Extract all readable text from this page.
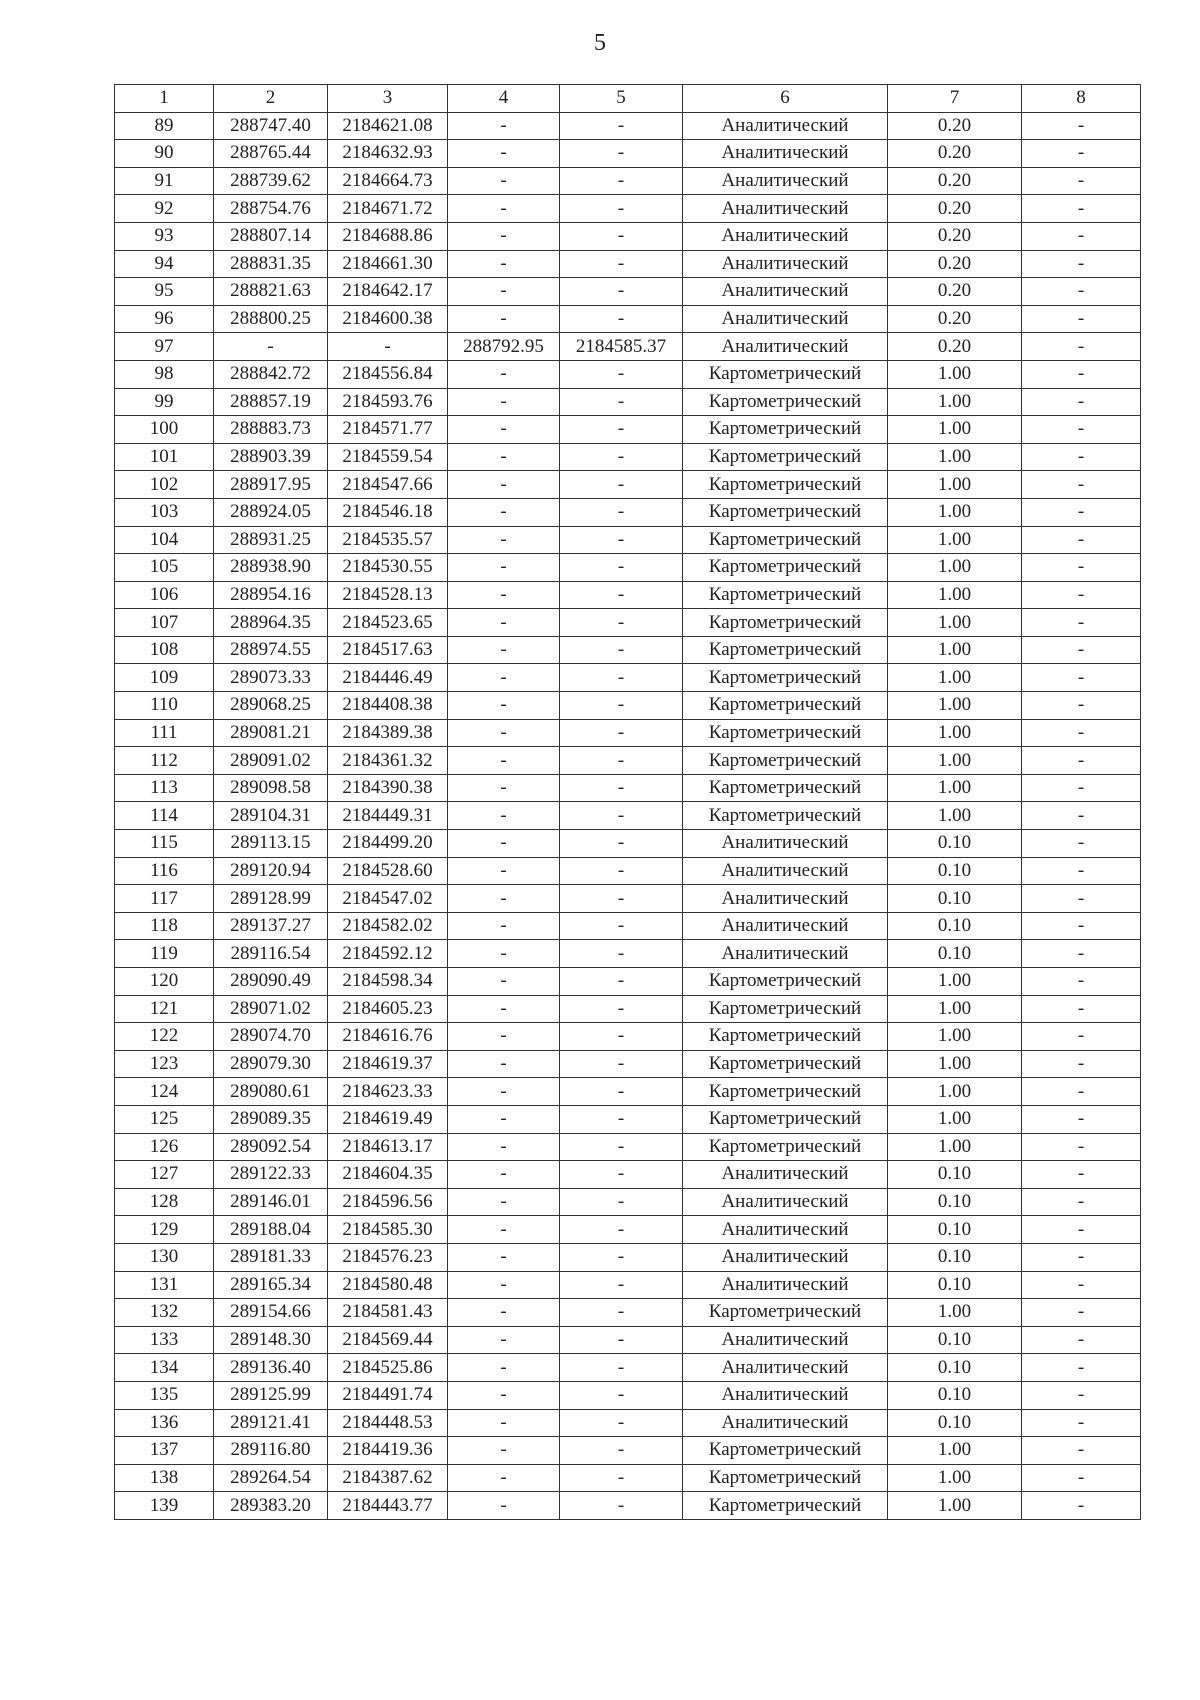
5
1	2	3	4	5	6	7	8
89	288747.40	2184621.08	-	-	Аналитический	0.20	-
90	288765.44	2184632.93	-	-	Аналитический	0.20	-
91	288739.62	2184664.73	-	-	Аналитический	0.20	-
92	288754.76	2184671.72	-	-	Аналитический	0.20	-
93	288807.14	2184688.86	-	-	Аналитический	0.20	-
94	288831.35	2184661.30	-	-	Аналитический	0.20	-
95	288821.63	2184642.17	-	-	Аналитический	0.20	-
96	288800.25	2184600.38	-	-	Аналитический	0.20	-
97	-	-	288792.95	2184585.37	Аналитический	0.20	-
98	288842.72	2184556.84	-	-	Картометрический	1.00	-
99	288857.19	2184593.76	-	-	Картометрический	1.00	-
100	288883.73	2184571.77	-	-	Картометрический	1.00	-
101	288903.39	2184559.54	-	-	Картометрический	1.00	-
102	288917.95	2184547.66	-	-	Картометрический	1.00	-
103	288924.05	2184546.18	-	-	Картометрический	1.00	-
104	288931.25	2184535.57	-	-	Картометрический	1.00	-
105	288938.90	2184530.55	-	-	Картометрический	1.00	-
106	288954.16	2184528.13	-	-	Картометрический	1.00	-
107	288964.35	2184523.65	-	-	Картометрический	1.00	-
108	288974.55	2184517.63	-	-	Картометрический	1.00	-
109	289073.33	2184446.49	-	-	Картометрический	1.00	-
110	289068.25	2184408.38	-	-	Картометрический	1.00	-
111	289081.21	2184389.38	-	-	Картометрический	1.00	-
112	289091.02	2184361.32	-	-	Картометрический	1.00	-
113	289098.58	2184390.38	-	-	Картометрический	1.00	-
114	289104.31	2184449.31	-	-	Картометрический	1.00	-
115	289113.15	2184499.20	-	-	Аналитический	0.10	-
116	289120.94	2184528.60	-	-	Аналитический	0.10	-
117	289128.99	2184547.02	-	-	Аналитический	0.10	-
118	289137.27	2184582.02	-	-	Аналитический	0.10	-
119	289116.54	2184592.12	-	-	Аналитический	0.10	-
120	289090.49	2184598.34	-	-	Картометрический	1.00	-
121	289071.02	2184605.23	-	-	Картометрический	1.00	-
122	289074.70	2184616.76	-	-	Картометрический	1.00	-
123	289079.30	2184619.37	-	-	Картометрический	1.00	-
124	289080.61	2184623.33	-	-	Картометрический	1.00	-
125	289089.35	2184619.49	-	-	Картометрический	1.00	-
126	289092.54	2184613.17	-	-	Картометрический	1.00	-
127	289122.33	2184604.35	-	-	Аналитический	0.10	-
128	289146.01	2184596.56	-	-	Аналитический	0.10	-
129	289188.04	2184585.30	-	-	Аналитический	0.10	-
130	289181.33	2184576.23	-	-	Аналитический	0.10	-
131	289165.34	2184580.48	-	-	Аналитический	0.10	-
132	289154.66	2184581.43	-	-	Картометрический	1.00	-
133	289148.30	2184569.44	-	-	Аналитический	0.10	-
134	289136.40	2184525.86	-	-	Аналитический	0.10	-
135	289125.99	2184491.74	-	-	Аналитический	0.10	-
136	289121.41	2184448.53	-	-	Аналитический	0.10	-
137	289116.80	2184419.36	-	-	Картометрический	1.00	-
138	289264.54	2184387.62	-	-	Картометрический	1.00	-
139	289383.20	2184443.77	-	-	Картометрический	1.00	-
